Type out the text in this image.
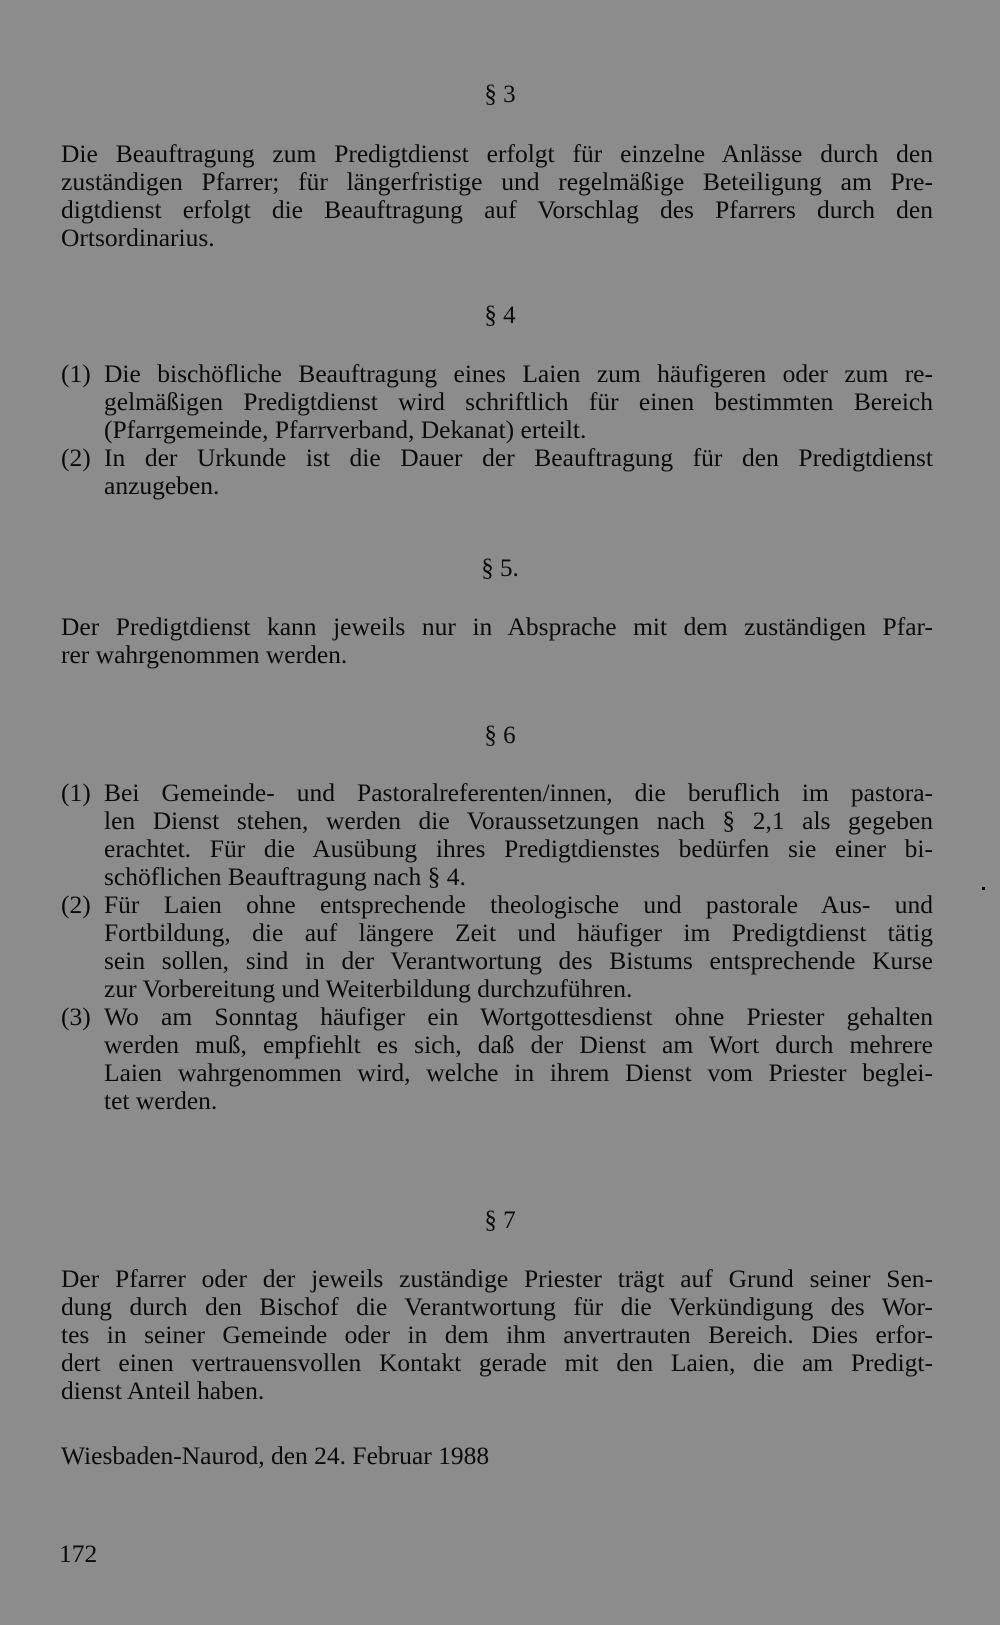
§ 3
Die Beauftragung zum Predigtdienst erfolgt für einzelne Anlässe durch den
zuständigen Pfarrer; für längerfristige und regelmäßige Beteiligung am Pre-
digtdienst erfolgt die Beauftragung auf Vorschlag des Pfarrers durch den
Ortsordinarius.
§ 4
(1) Die bischöfliche Beauftragung eines Laien zum häufigeren oder zum re-
gelmäßigen Predigtdienst wird schriftlich für einen bestimmten Bereich
(Pfarrgemeinde, Pfarrverband, Dekanat) erteilt.
(2) In der Urkunde ist die Dauer der Beauftragung für den Predigtdienst
anzugeben.
§ 5.
Der Predigtdienst kann jeweils nur in Absprache mit dem zuständigen Pfar-
rer wahrgenommen werden.
§ 6
(1) Bei Gemeinde- und Pastoralreferenten/innen, die beruflich im pastora-
len Dienst stehen, werden die Voraussetzungen nach § 2,1 als gegeben
erachtet. Für die Ausübung ihres Predigtdienstes bedürfen sie einer bi-
schöflichen Beauftragung nach § 4.
(2) Für Laien ohne entsprechende theologische und pastorale Aus- und
Fortbildung, die auf längere Zeit und häufiger im Predigtdienst tätig
sein sollen, sind in der Verantwortung des Bistums entsprechende Kurse
zur Vorbereitung und Weiterbildung durchzuführen.
(3) Wo am Sonntag häufiger ein Wortgottesdienst ohne Priester gehalten
werden muß, empfiehlt es sich, daß der Dienst am Wort durch mehrere
Laien wahrgenommen wird, welche in ihrem Dienst vom Priester beglei-
tet werden.
§ 7
Der Pfarrer oder der jeweils zuständige Priester trägt auf Grund seiner Sen-
dung durch den Bischof die Verantwortung für die Verkündigung des Wor-
tes in seiner Gemeinde oder in dem ihm anvertrauten Bereich. Dies erfor-
dert einen vertrauensvollen Kontakt gerade mit den Laien, die am Predigt-
dienst Anteil haben.
Wiesbaden-Naurod, den 24. Februar 1988
172
